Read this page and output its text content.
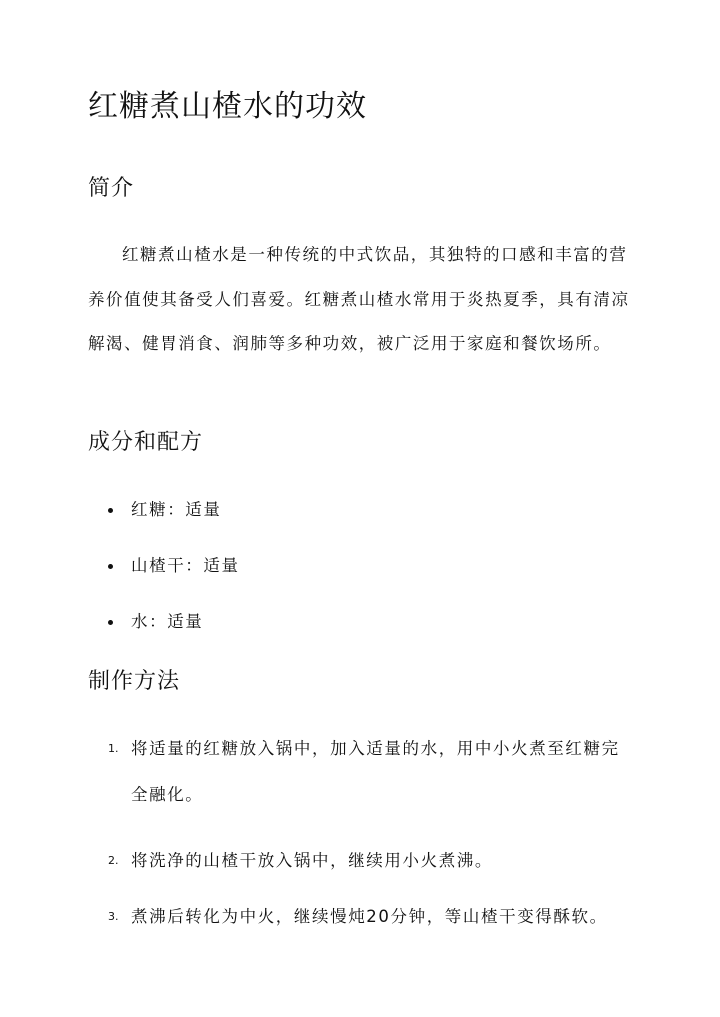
红糖煮山楂水的功效
简介

红糖煮山楂水是一种传统的中式饮品，其独特的口感和丰富的营养价值使其备受人们喜爱。红糖煮山楂水常用于炎热夏季，具有清凉解渴、健胃消食、润肺等多种功效，被广泛用于家庭和餐饮场所。

成分和配方
红糖：适量
山楂干：适量
水：适量
制作方法
1. 将适量的红糖放入锅中，加入适量的水，用中小火煮至红糖完全融化。
2. 将洗净的山楂干放入锅中，继续用小火煮沸。
3. 煮沸后转化为中火，继续慢炖20分钟，等山楂干变得酥软。
